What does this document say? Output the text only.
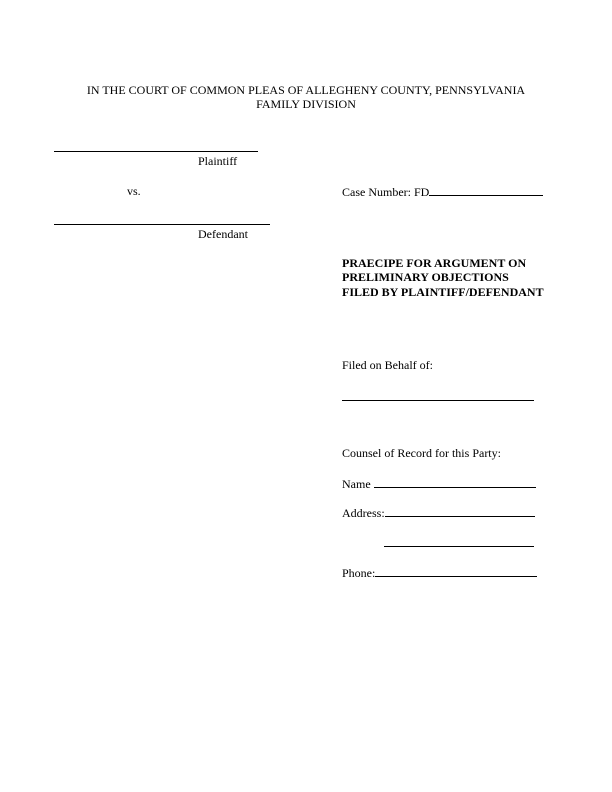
IN THE COURT OF COMMON PLEAS OF ALLEGHENY COUNTY, PENNSYLVANIA
FAMILY DIVISION
Plaintiff
vs.	Case Number: FD
Defendant
PRAECIPE FOR ARGUMENT ON
PRELIMINARY OBJECTIONS
FILED BY PLAINTIFF/DEFENDANT
Filed on Behalf of:
Counsel of Record for this Party:
Name
Address:
Phone:
